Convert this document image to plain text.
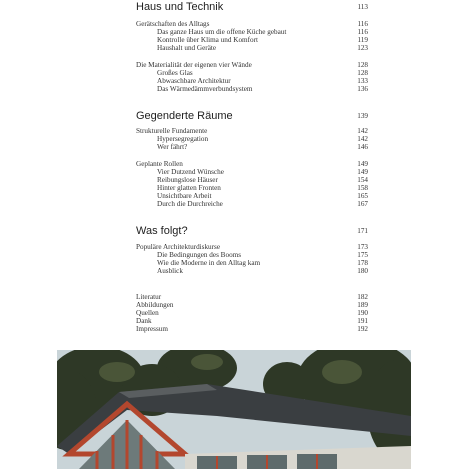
Haus und Technik	113
Gerätschaften des Alltags	116
Das ganze Haus um die offene Küche gebaut	116
Kontrolle über Klima und Komfort	119
Haushalt und Geräte	123
Die Materialität der eigenen vier Wände	128
Großes Glas	128
Abwaschbare Architektur	133
Das Wärmedämmverbundsystem	136
Gegenderte Räume	139
Strukturelle Fundamente	142
Hypersegregation	142
Wer fährt?	146
Geplante Rollen	149
Vier Dutzend Wünsche	149
Reibungslose Häuser	154
Hinter glatten Fronten	158
Unsichtbare Arbeit	165
Durch die Durchreiche	167
Was folgt?	171
Populäre Architekturdiskurse	173
Die Bedingungen des Booms	175
Wie die Moderne in den Alltag kam	178
Ausblick	180
Literatur	182
Abbildungen	189
Quellen	190
Dank	191
Impressum	192
